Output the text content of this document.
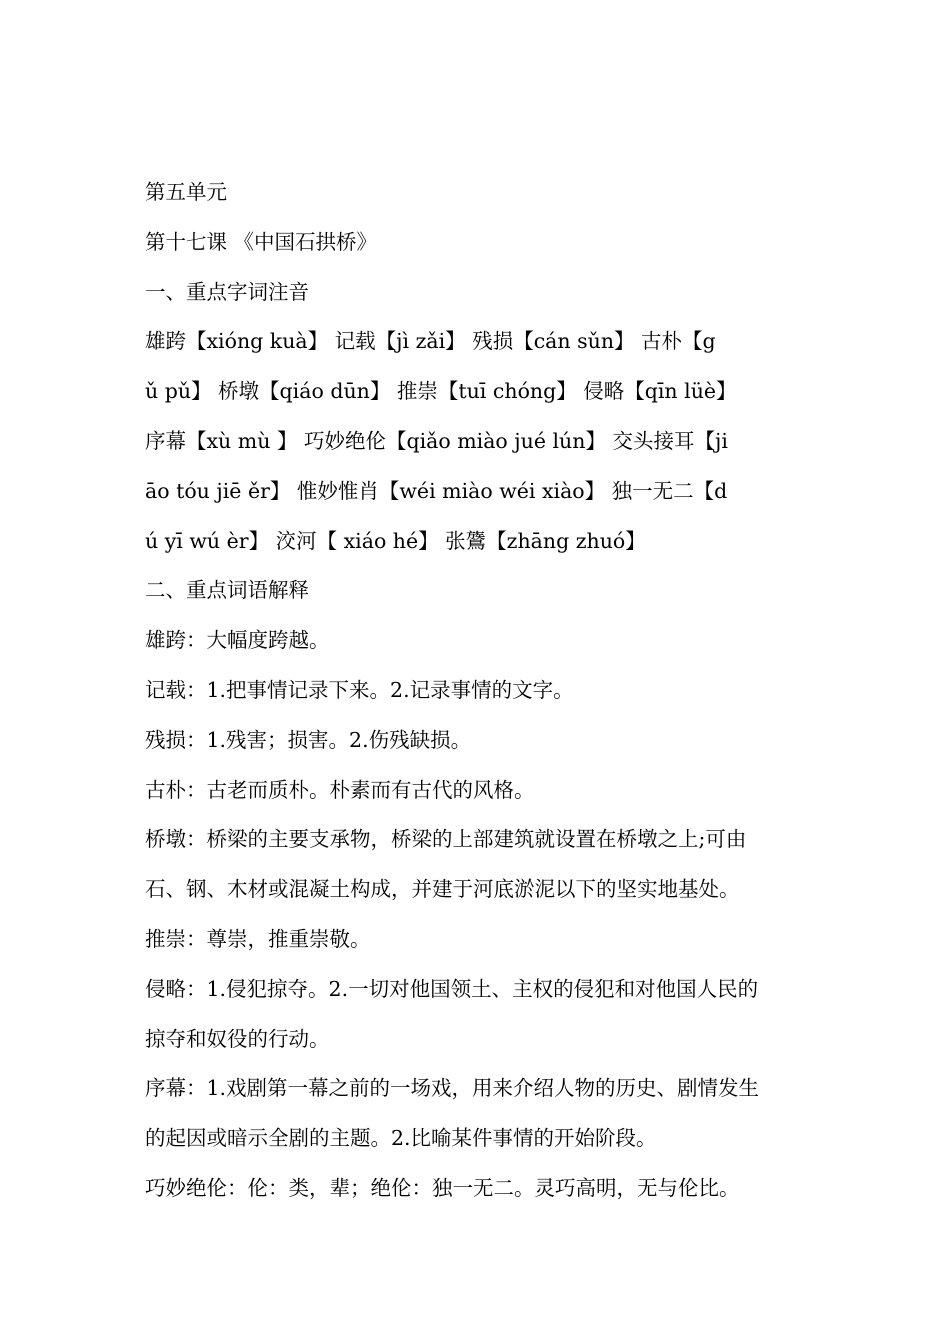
第五单元
第十七课 《中国石拱桥》
一、重点字词注音
雄跨【xióng kuà】 记载【jì zǎi】 残损【cán sǔn】 古朴【g
ǔ pǔ】 桥墩【qiáo dūn】 推崇【tuī chóng】 侵略【qīn lüè】
序幕【xù mù 】 巧妙绝伦【qiǎo miào jué lún】 交头接耳【ji
āo tóu jiē ěr】 惟妙惟肖【wéi miào wéi xiào】 独一无二【d
ú yī wú èr】 洨河【 xiáo hé】 张鷟【zhāng zhuó】
二、重点词语解释
雄跨：大幅度跨越。
记载：1.把事情记录下来。2.记录事情的文字。
残损：1.残害；损害。2.伤残缺损。
古朴：古老而质朴。朴素而有古代的风格。
桥墩：桥梁的主要支承物，桥梁的上部建筑就设置在桥墩之上;可由
石、钢、木材或混凝土构成，并建于河底淤泥以下的坚实地基处。
推崇：尊崇，推重崇敬。
侵略：1.侵犯掠夺。2.一切对他国领土、主权的侵犯和对他国人民的
掠夺和奴役的行动。
序幕：1.戏剧第一幕之前的一场戏，用来介绍人物的历史、剧情发生
的起因或暗示全剧的主题。2.比喻某件事情的开始阶段。
巧妙绝伦：伦：类，辈；绝伦：独一无二。灵巧高明，无与伦比。
